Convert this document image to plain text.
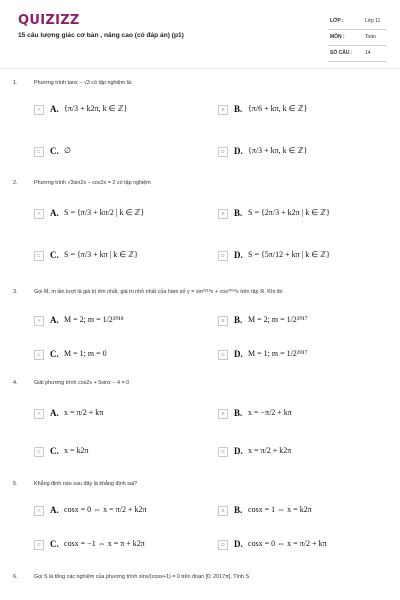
QUIZIZZ
15 câu lượng giác cơ bản , nâng cao (có đáp án) (p1)
LỚP :	Lớp 11
MÔN :	Toán
SỐ CÂU :	14
1.	Phương trình tanx − √3 có tập nghiệm là:
A	A. {π/3 + k2π, k ∈ ℤ}	B	B. {π/6 + kπ, k ∈ ℤ}
C	C. ∅	D	D. {π/3 + kπ, k ∈ ℤ}
2.	Phương trình √3sin2x − cos2x = 2 có tập nghiệm
A	A. S = {π/3 + kπ/2 | k ∈ ℤ}	B	B. S = {2π/3 + k2π | k ∈ ℤ}
C	C. S = {π/3 + kπ | k ∈ ℤ}	D	D. S = {5π/12 + kπ | k ∈ ℤ}
3.	Gọi M, m lần lượt là giá trị lớn nhất, giá trị nhỏ nhất của hàm số y = sin²⁰¹⁸x + cos²⁰¹⁸x trên tập ℝ. Khi đó
A	A. M = 2; m = 1/2²⁰¹⁸	B	B. M = 2; m = 1/2²⁰¹⁷
C	C. M = 1; m = 0	D	D. M = 1; m = 1/2²⁰¹⁷
4.	Giải phương trình cos2x + 5sinx − 4 = 0
A	A. x = π/2 + kπ	B	B. x = −π/2 + kπ
C	C. x = k2π	D	D. x = π/2 + k2π
5.	Khẳng định nào sau đây là khẳng định sai?
A	A. cosx = 0 ⇔ x = π/2 + k2π	B	B. cosx = 1 ⇔ x = k2π
C	C. cosx = −1 ⇔ x = π + k2π	D	D. cosx = 0 ⇔ x = π/2 + kπ
6.	Gọi S là tổng các nghiệm của phương trình sinx/(cosx+1) = 0 trên đoạn [0; 2017π]. Tính S
